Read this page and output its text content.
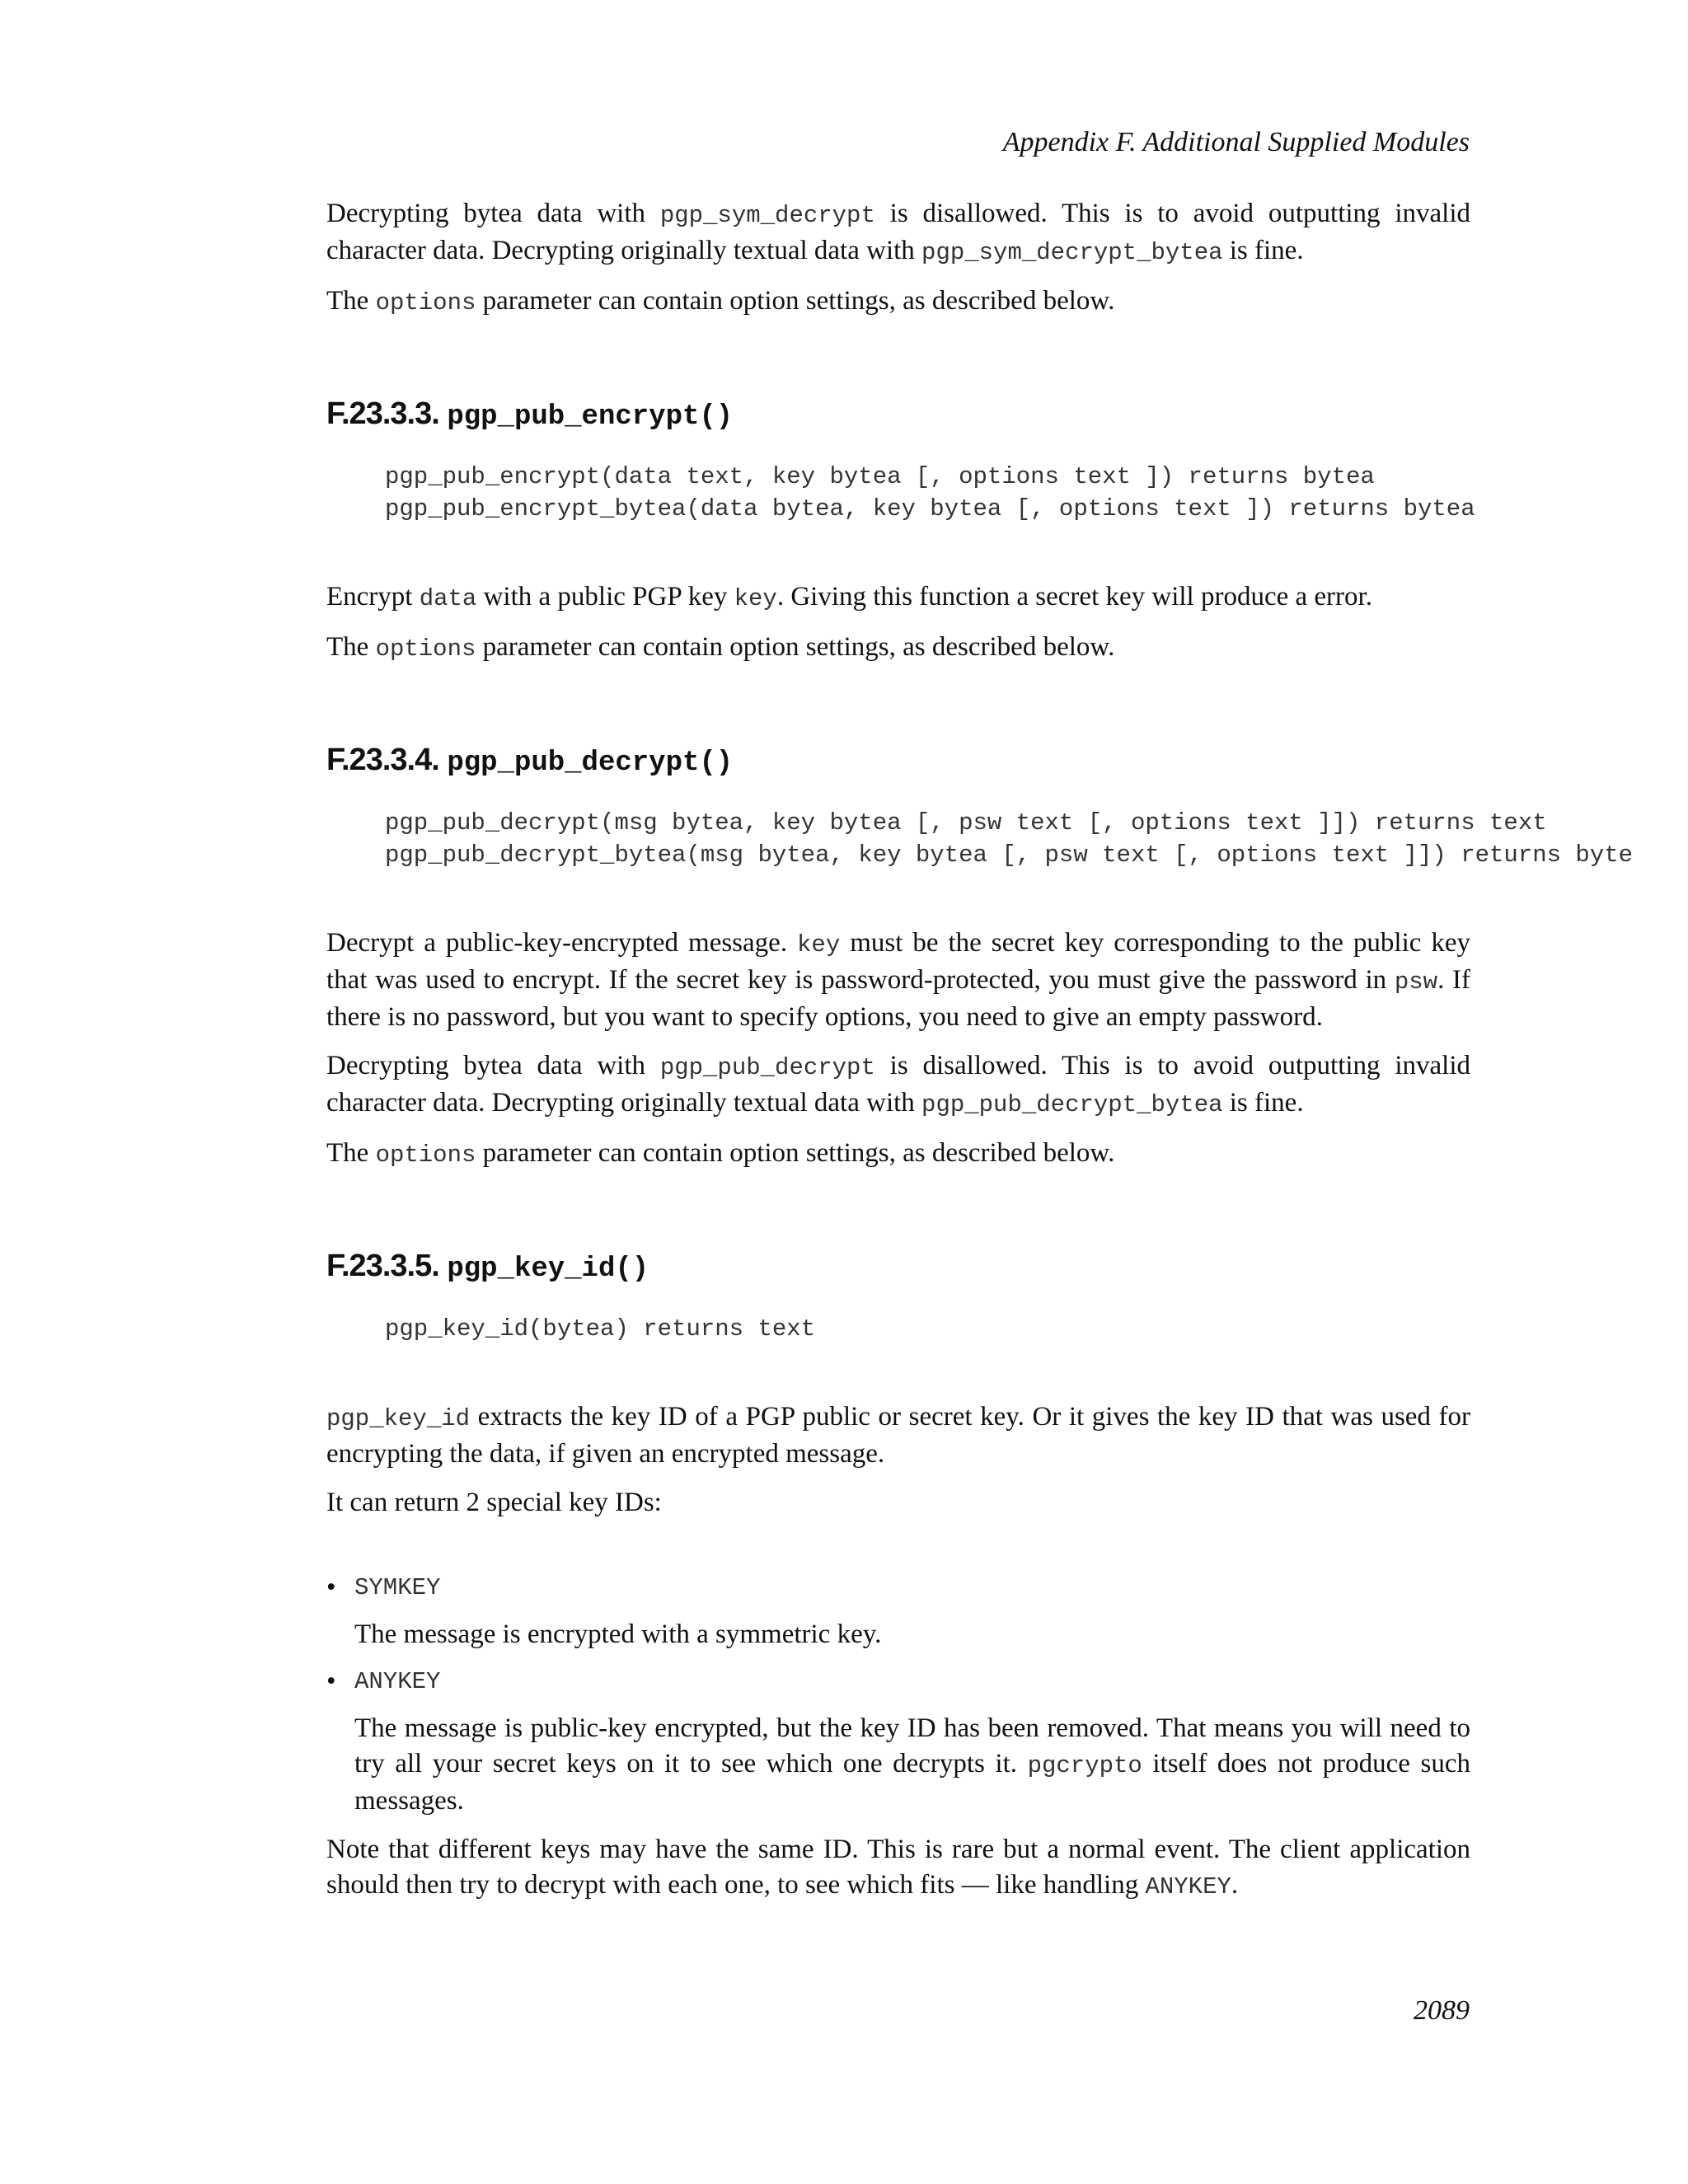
Appendix F. Additional Supplied Modules

Decrypting bytea data with pgp_sym_decrypt is disallowed. This is to avoid outputting invalid character data. Decrypting originally textual data with pgp_sym_decrypt_bytea is fine.

The options parameter can contain option settings, as described below.

F.23.3.3. pgp_pub_encrypt()
pgp_pub_encrypt(data text, key bytea [, options text ]) returns bytea
pgp_pub_encrypt_bytea(data bytea, key bytea [, options text ]) returns bytea

Encrypt data with a public PGP key key. Giving this function a secret key will produce a error.

The options parameter can contain option settings, as described below.

F.23.3.4. pgp_pub_decrypt()
pgp_pub_decrypt(msg bytea, key bytea [, psw text [, options text ]]) returns text
pgp_pub_decrypt_bytea(msg bytea, key bytea [, psw text [, options text ]]) returns byte

Decrypt a public-key-encrypted message. key must be the secret key corresponding to the public key that was used to encrypt. If the secret key is password-protected, you must give the password in psw. If there is no password, but you want to specify options, you need to give an empty password.

Decrypting bytea data with pgp_pub_decrypt is disallowed. This is to avoid outputting invalid character data. Decrypting originally textual data with pgp_pub_decrypt_bytea is fine.

The options parameter can contain option settings, as described below.

F.23.3.5. pgp_key_id()
pgp_key_id(bytea) returns text

pgp_key_id extracts the key ID of a PGP public or secret key. Or it gives the key ID that was used for encrypting the data, if given an encrypted message.

It can return 2 special key IDs:

• SYMKEY

The message is encrypted with a symmetric key.

• ANYKEY

The message is public-key encrypted, but the key ID has been removed. That means you will need to try all your secret keys on it to see which one decrypts it. pgcrypto itself does not produce such messages.

Note that different keys may have the same ID. This is rare but a normal event. The client application should then try to decrypt with each one, to see which fits — like handling ANYKEY.

2089
